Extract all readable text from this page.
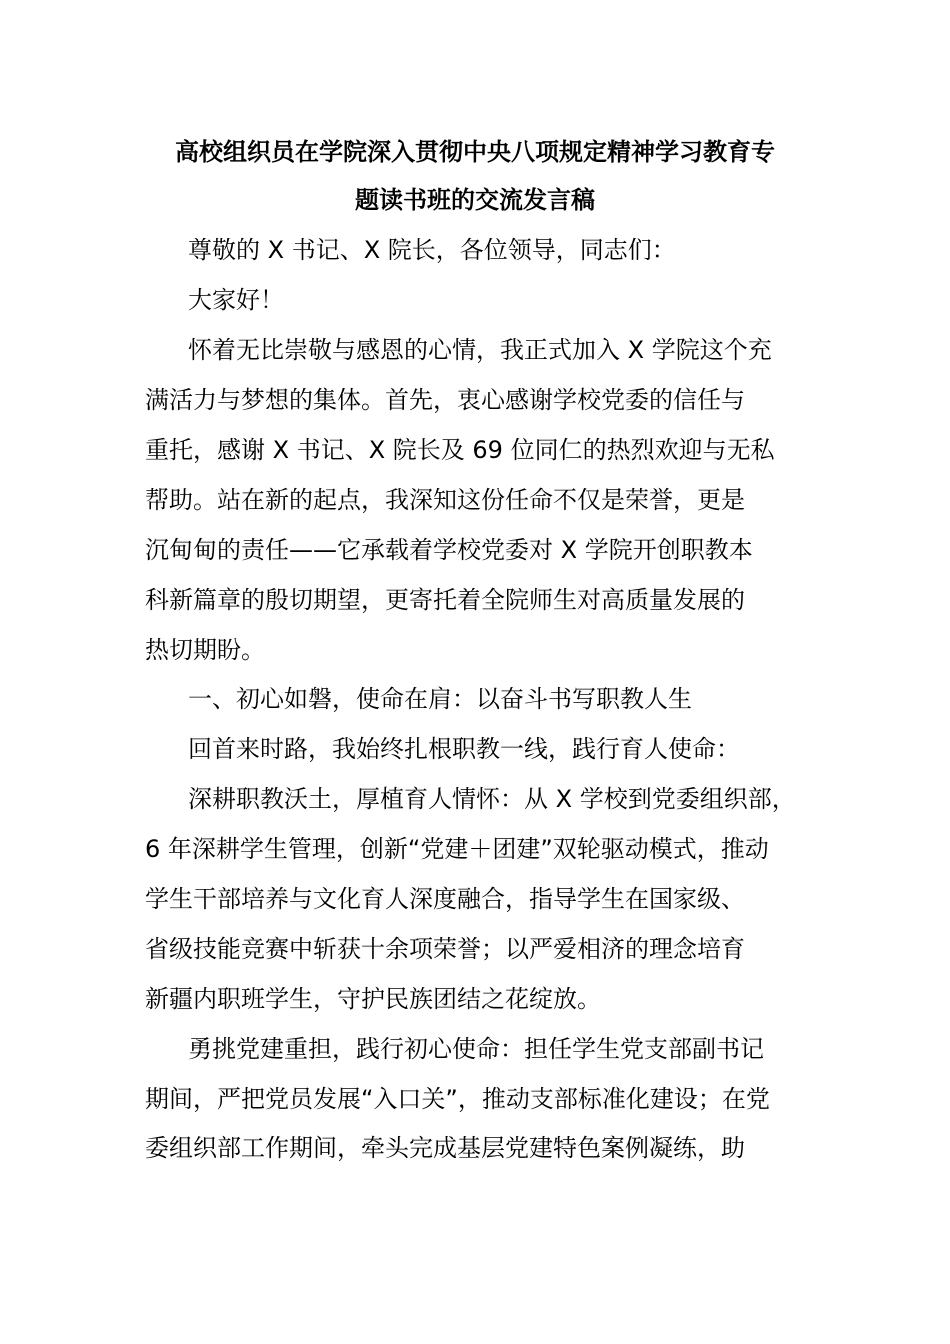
高校组织员在学院深入贯彻中央八项规定精神学习教育专
题读书班的交流发言稿
尊敬的 X 书记、X 院长，各位领导，同志们：
大家好！
怀着无比崇敬与感恩的心情，我正式加入 X 学院这个充
满活力与梦想的集体。首先，衷心感谢学校党委的信任与
重托，感谢 X 书记、X 院长及 69 位同仁的热烈欢迎与无私
帮助。站在新的起点，我深知这份任命不仅是荣誉，更是
沉甸甸的责任——它承载着学校党委对 X 学院开创职教本
科新篇章的殷切期望，更寄托着全院师生对高质量发展的
热切期盼。
一、初心如磐，使命在肩：以奋斗书写职教人生
回首来时路，我始终扎根职教一线，践行育人使命：
深耕职教沃土，厚植育人情怀：从 X 学校到党委组织部，
6 年深耕学生管理，创新“党建＋团建”双轮驱动模式，推动
学生干部培养与文化育人深度融合，指导学生在国家级、
省级技能竞赛中斩获十余项荣誉；以严爱相济的理念培育
新疆内职班学生，守护民族团结之花绽放。
勇挑党建重担，践行初心使命：担任学生党支部副书记
期间，严把党员发展“入口关”，推动支部标准化建设；在党
委组织部工作期间，牵头完成基层党建特色案例凝练，助
